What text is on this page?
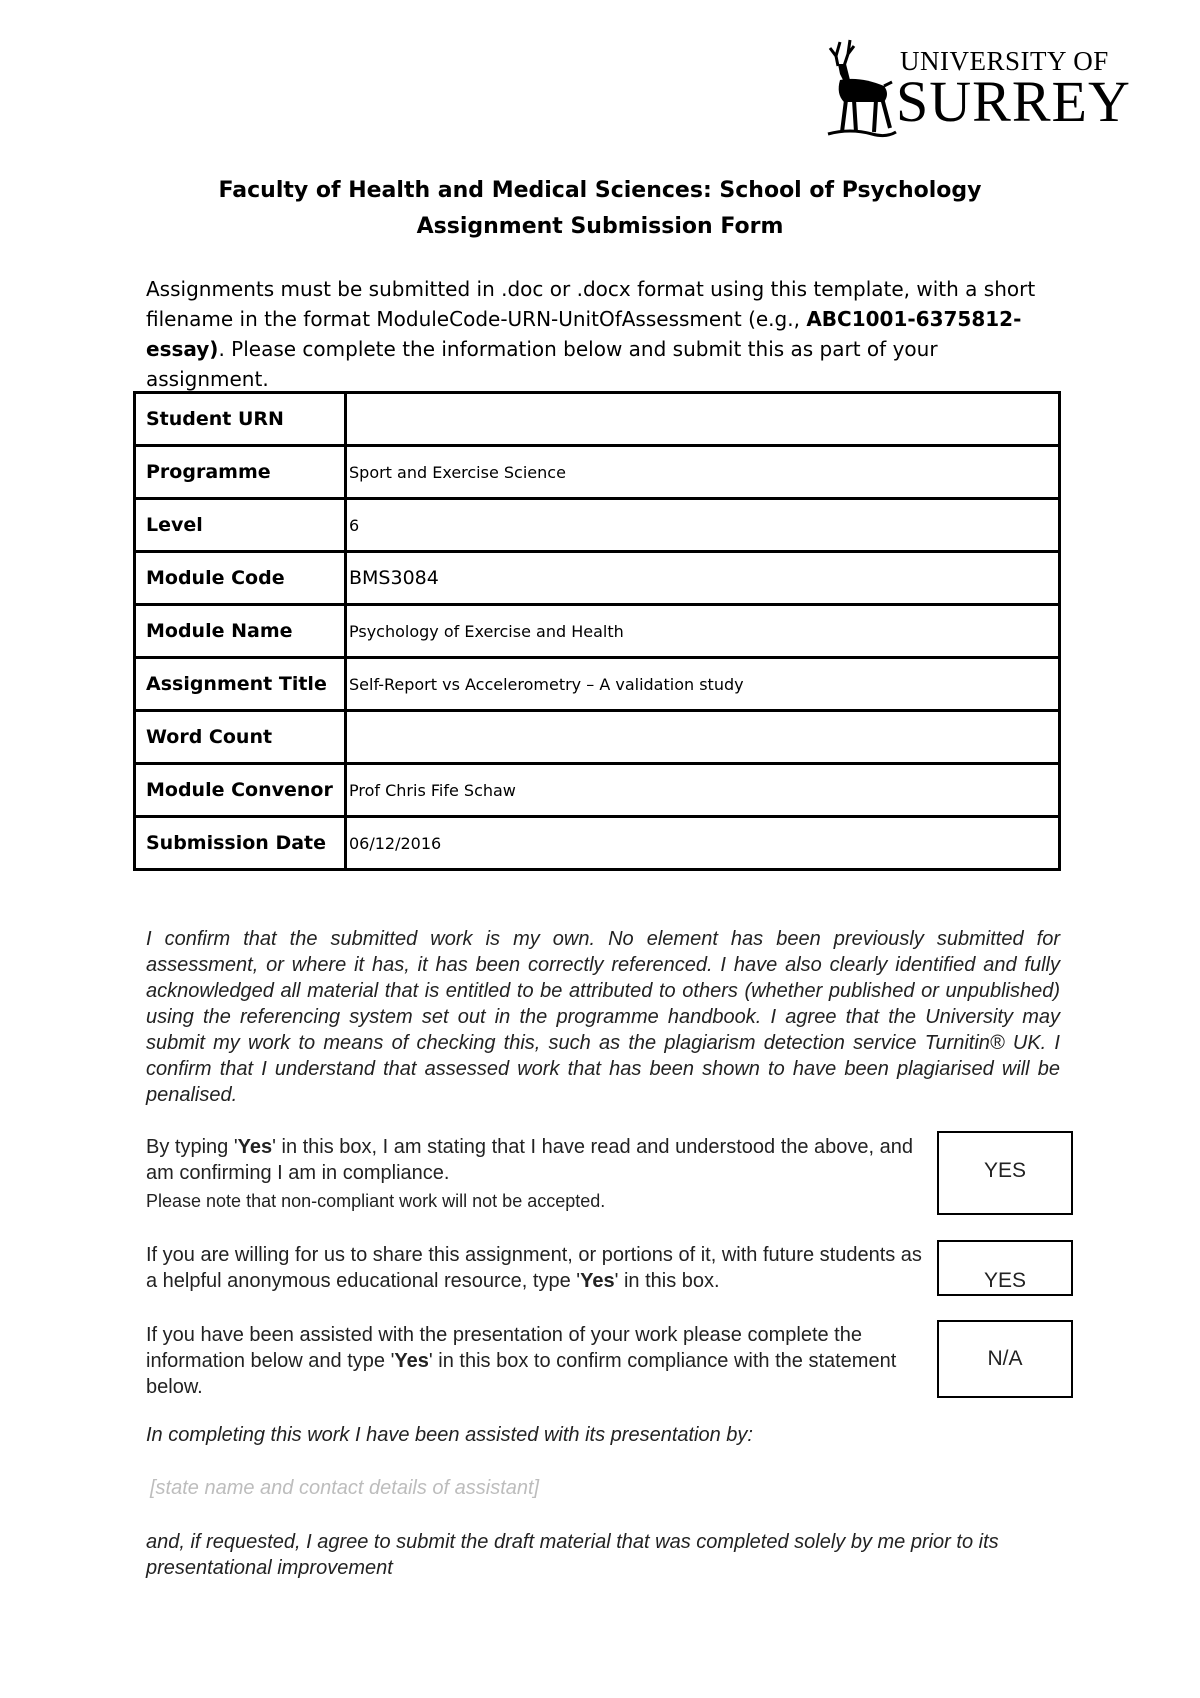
UNIVERSITY OF
SURREY
Faculty of Health and Medical Sciences: School of Psychology
Assignment Submission Form
Assignments must be submitted in .doc or .docx format using this template, with a short filename in the format ModuleCode-URN-UnitOfAssessment (e.g., ABC1001-6375812-essay). Please complete the information below and submit this as part of your assignment.
Student URN	
Programme	Sport and Exercise Science
Level	6
Module Code	BMS3084
Module Name	Psychology of Exercise and Health
Assignment Title	Self-Report vs Accelerometry – A validation study
Word Count	
Module Convenor	Prof Chris Fife Schaw
Submission Date	06/12/2016
I confirm that the submitted work is my own. No element has been previously submitted for assessment, or where it has, it has been correctly referenced. I have also clearly identified and fully acknowledged all material that is entitled to be attributed to others (whether published or unpublished) using the referencing system set out in the programme handbook. I agree that the University may submit my work to means of checking this, such as the plagiarism detection service Turnitin® UK. I confirm that I understand that assessed work that has been shown to have been plagiarised will be penalised.
By typing 'Yes' in this box, I am stating that I have read and understood the above, and am confirming I am in compliance.
Please note that non-compliant work will not be accepted.
YES
If you are willing for us to share this assignment, or portions of it, with future students as a helpful anonymous educational resource, type 'Yes' in this box.	YES
If you have been assisted with the presentation of your work please complete the information below and type 'Yes' in this box to confirm compliance with the statement below.
N/A
In completing this work I have been assisted with its presentation by:
[state name and contact details of assistant]
and, if requested, I agree to submit the draft material that was completed solely by me prior to its presentational improvement
